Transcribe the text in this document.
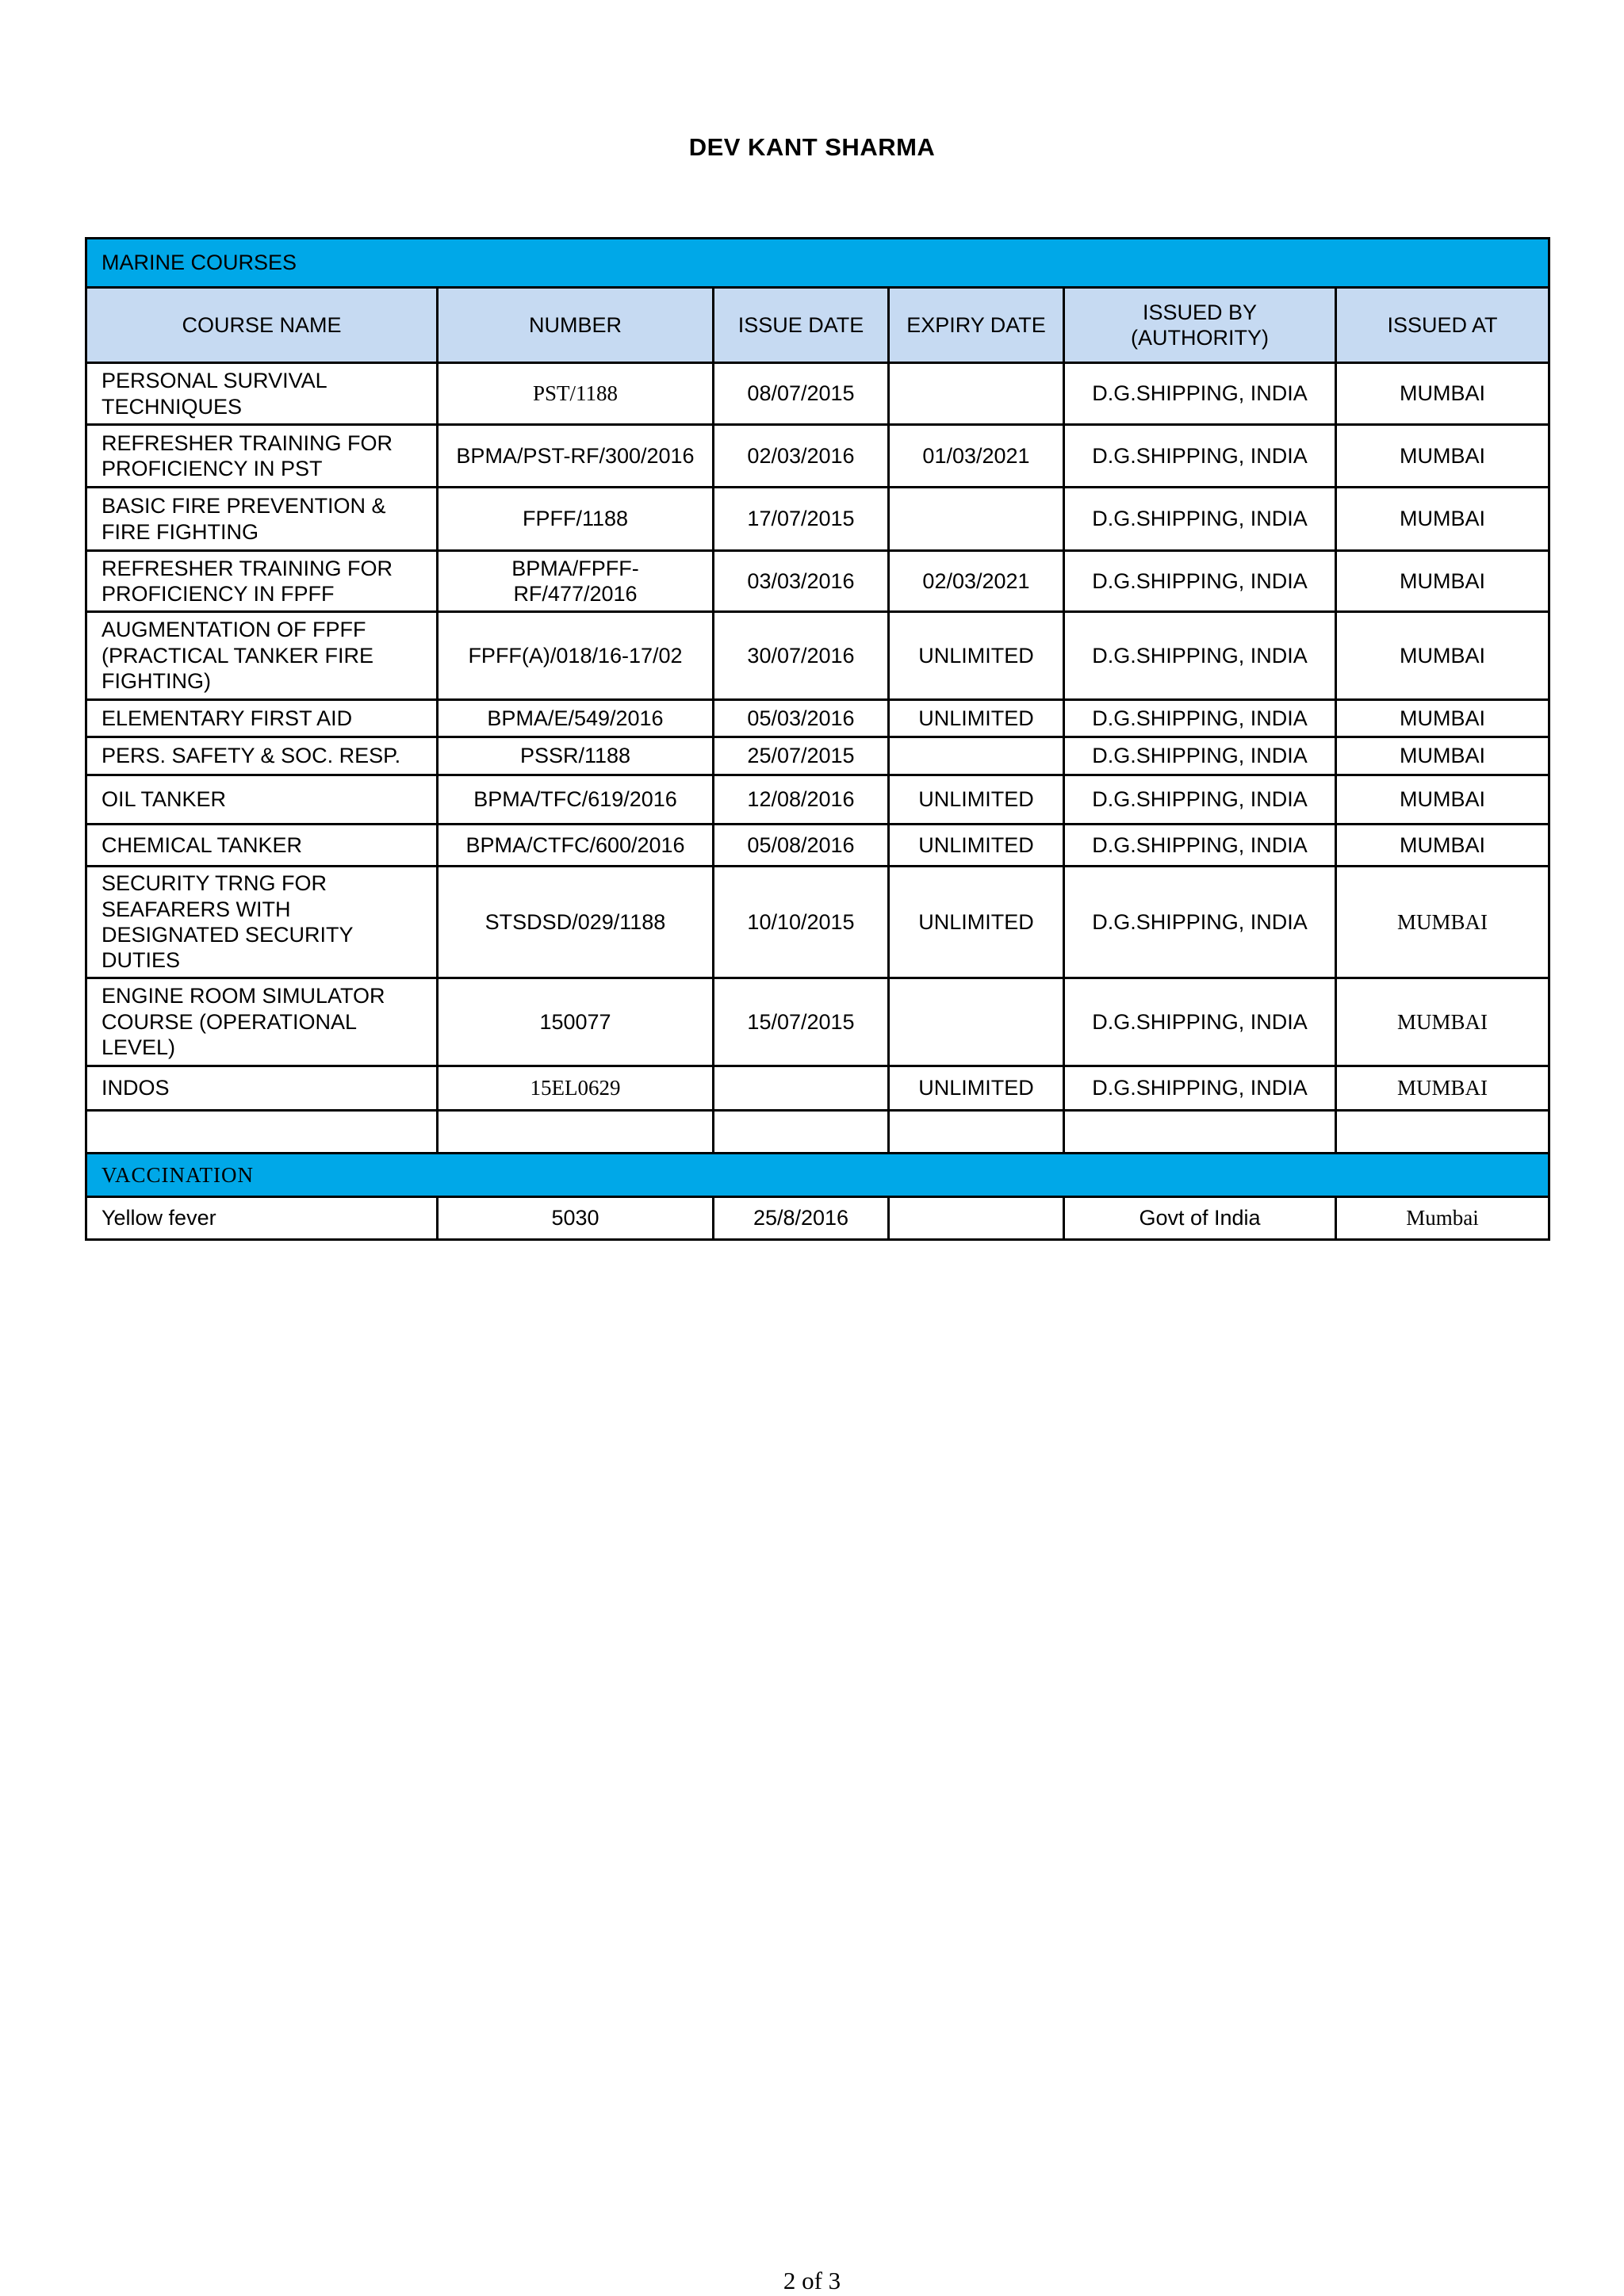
DEV KANT SHARMA
MARINE COURSES					
COURSE NAME	NUMBER	ISSUE DATE	EXPIRY DATE	ISSUED BY (AUTHORITY)	ISSUED AT
PERSONAL SURVIVAL TECHNIQUES	PST/1188	08/07/2015		D.G.SHIPPING, INDIA	MUMBAI
REFRESHER TRAINING FOR PROFICIENCY IN PST	BPMA/PST-RF/300/2016	02/03/2016	01/03/2021	D.G.SHIPPING, INDIA	MUMBAI
BASIC FIRE PREVENTION & FIRE FIGHTING	FPFF/1188	17/07/2015		D.G.SHIPPING, INDIA	MUMBAI
REFRESHER TRAINING FOR PROFICIENCY IN FPFF	BPMA/FPFF-RF/477/2016	03/03/2016	02/03/2021	D.G.SHIPPING, INDIA	MUMBAI
AUGMENTATION OF FPFF (PRACTICAL TANKER FIRE FIGHTING)	FPFF(A)/018/16-17/02	30/07/2016	UNLIMITED	D.G.SHIPPING, INDIA	MUMBAI
ELEMENTARY FIRST AID	BPMA/E/549/2016	05/03/2016	UNLIMITED	D.G.SHIPPING, INDIA	MUMBAI
PERS. SAFETY & SOC. RESP.	PSSR/1188	25/07/2015		D.G.SHIPPING, INDIA	MUMBAI
OIL TANKER	BPMA/TFC/619/2016	12/08/2016	UNLIMITED	D.G.SHIPPING, INDIA	MUMBAI
CHEMICAL TANKER	BPMA/CTFC/600/2016	05/08/2016	UNLIMITED	D.G.SHIPPING, INDIA	MUMBAI
SECURITY TRNG FOR SEAFARERS WITH DESIGNATED SECURITY DUTIES	STSDSD/029/1188	10/10/2015	UNLIMITED	D.G.SHIPPING, INDIA	MUMBAI
ENGINE ROOM SIMULATOR COURSE (OPERATIONAL LEVEL)	150077	15/07/2015		D.G.SHIPPING, INDIA	MUMBAI
INDOS	15EL0629		UNLIMITED	D.G.SHIPPING, INDIA	MUMBAI

VACCINATION					
Yellow fever	5030	25/8/2016		Govt of India	Mumbai
2 of 3
